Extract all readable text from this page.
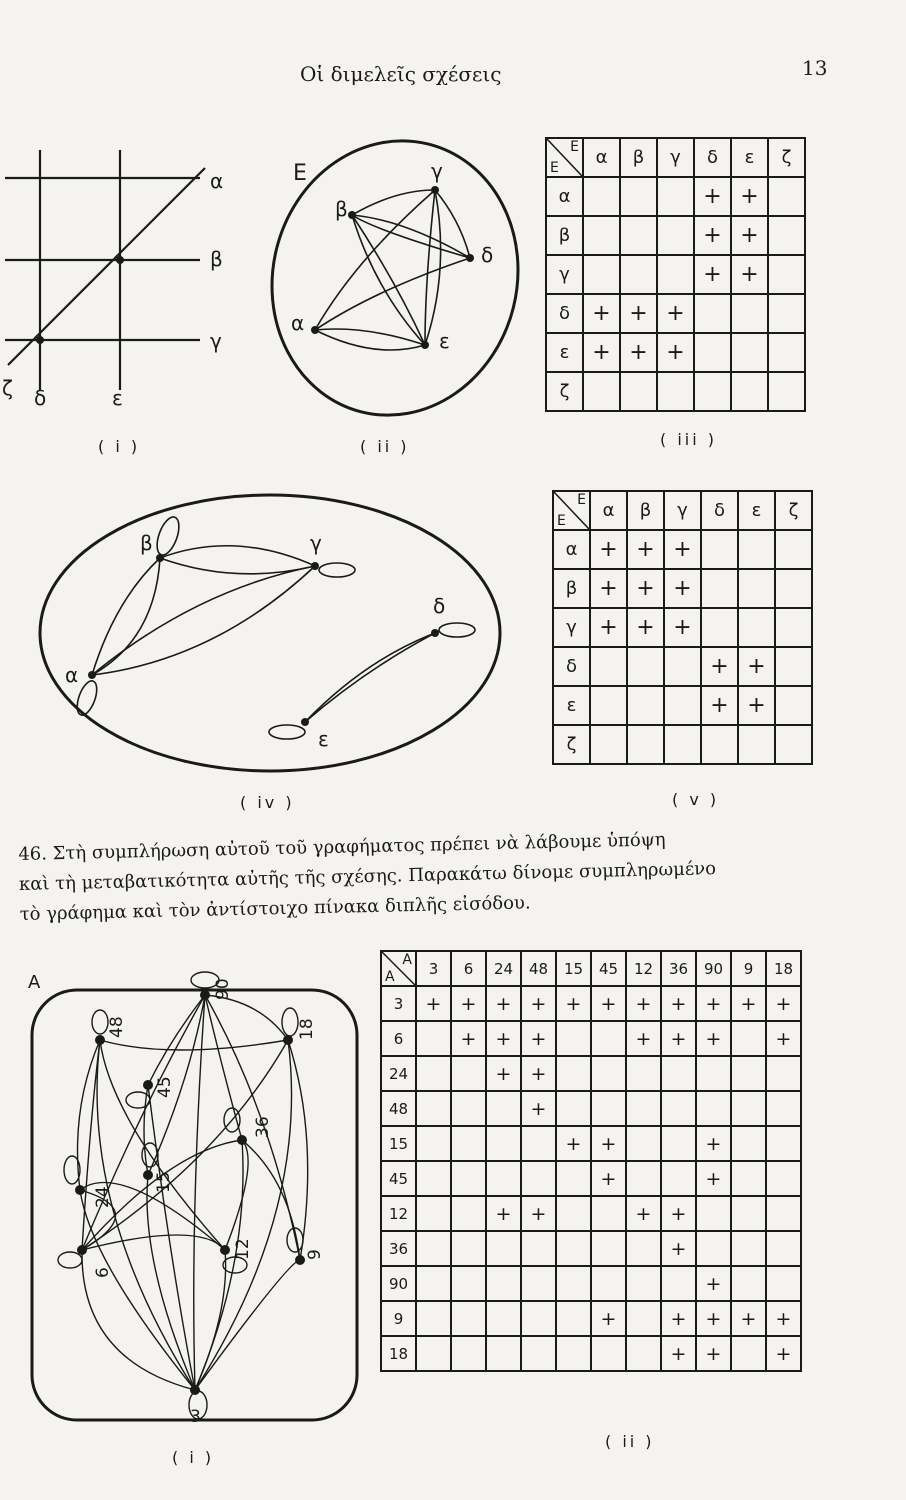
Οἱ διμελεῖς σχέσεις	13
α
β
γ
ζ δ	ε
( i )
E
β
γ
δ
α
ε
( ii )
E
E	α	β	γ	δ	ε	ζ
α				+	+	
β				+	+	
γ				+	+	
δ	+	+	+			
ε	+	+	+			
ζ						
( iii )
β	γ
δ
α
ε
( iv )
E
E	α	β	γ	δ	ε	ζ
α	+	+	+			
β	+	+	+			
γ	+	+	+			
δ				+	+	
ε				+	+	
ζ						
( v )

46. Στὴ συμπλήρωση αὐτοῦ τοῦ γραφήματος πρέπει νὰ λάβουμε ὑπόψη

καὶ τὴ μεταβατικότητα αὐτῆς τῆς σχέσης. Παρακάτω δίνομε συμπληρωμένο

τὸ γράφημα καὶ τὸν ἀντίστοιχο πίνακα διπλῆς εἰσόδου.

A
3
6
24
48
15
45
12
36
90
9
18
( i )
A
A	3	6	24	48	15	45	12	36	90	9	18
3	+	+	+	+	+	+	+	+	+	+	+
6		+	+	+			+	+	+		+
24			+	+							
48				+							
15					+	+			+		
45						+			+		
12			+	+			+	+			
36								+			
90									+		
9						+		+	+	+	+
18								+	+		+
( ii )
